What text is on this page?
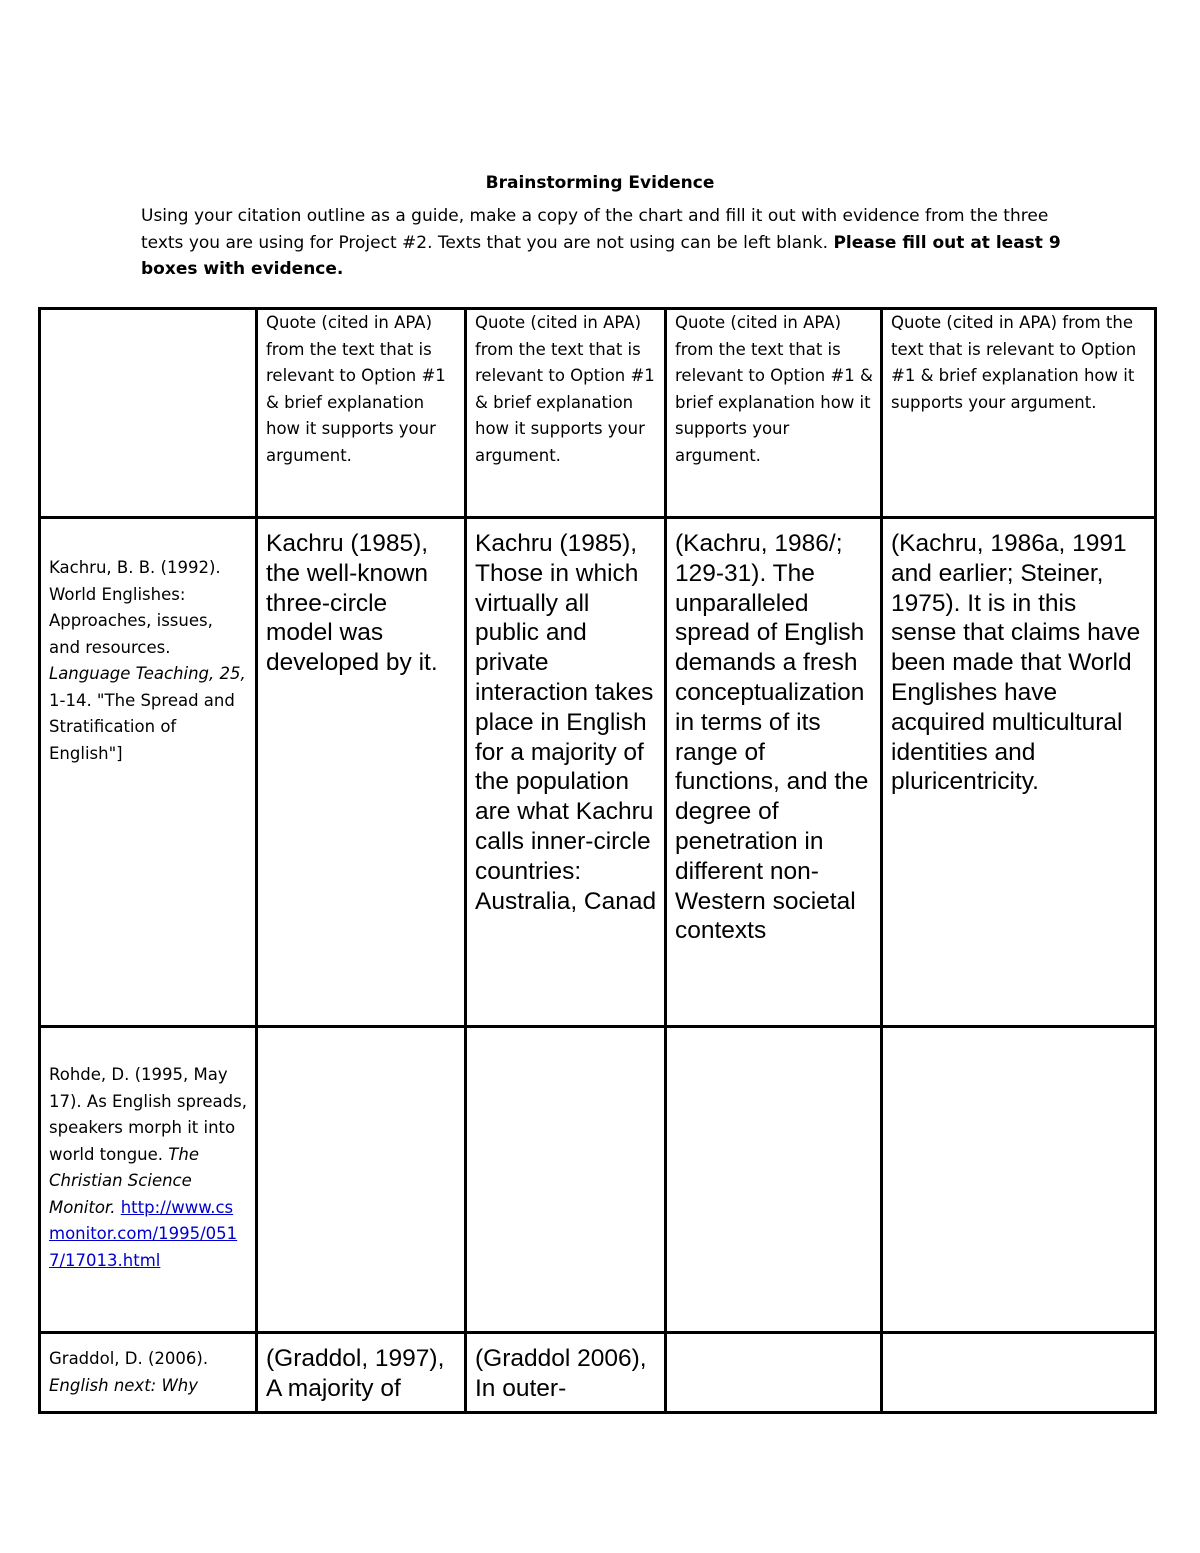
Brainstorming Evidence
Using your citation outline as a guide, make a copy of the chart and fill it out with evidence from the three texts you are using for Project #2. Texts that you are not using can be left blank. Please fill out at least 9 boxes with evidence.
	Quote (cited in APA) from the text that is relevant to Option #1 & brief explanation how it supports your argument.	Quote (cited in APA) from the text that is relevant to Option #1 & brief explanation how it supports your argument.	Quote (cited in APA) from the text that is relevant to Option #1 & brief explanation how it supports your argument.	Quote (cited in APA) from the text that is relevant to Option #1 & brief explanation how it supports your argument.
Kachru, B. B. (1992). World Englishes: Approaches, issues, and resources. Language Teaching, 25, 1-14. "The Spread and Stratification of English"]	Kachru (1985), the well-known three-circle model was developed by it.	Kachru (1985), Those in which virtually all public and private interaction takes place in English for a majority of the population are what Kachru calls inner-circle countries: Australia, Canad	(Kachru, 1986/; 129-31). The unparalleled spread of English demands a fresh conceptualization in terms of its range of functions, and the degree of penetration in different non-Western societal contexts	(Kachru, 1986a, 1991 and earlier; Steiner, 1975). It is in this sense that claims have been made that World Englishes have acquired multicultural identities and pluricentricity.
Rohde, D. (1995, May 17). As English spreads, speakers morph it into world tongue. The Christian Science Monitor. http://www.csmonitor.com/1995/0517/17013.html				
Graddol, D. (2006). English next: Why	(Graddol, 1997), A majority of	(Graddol 2006), In outer-		
